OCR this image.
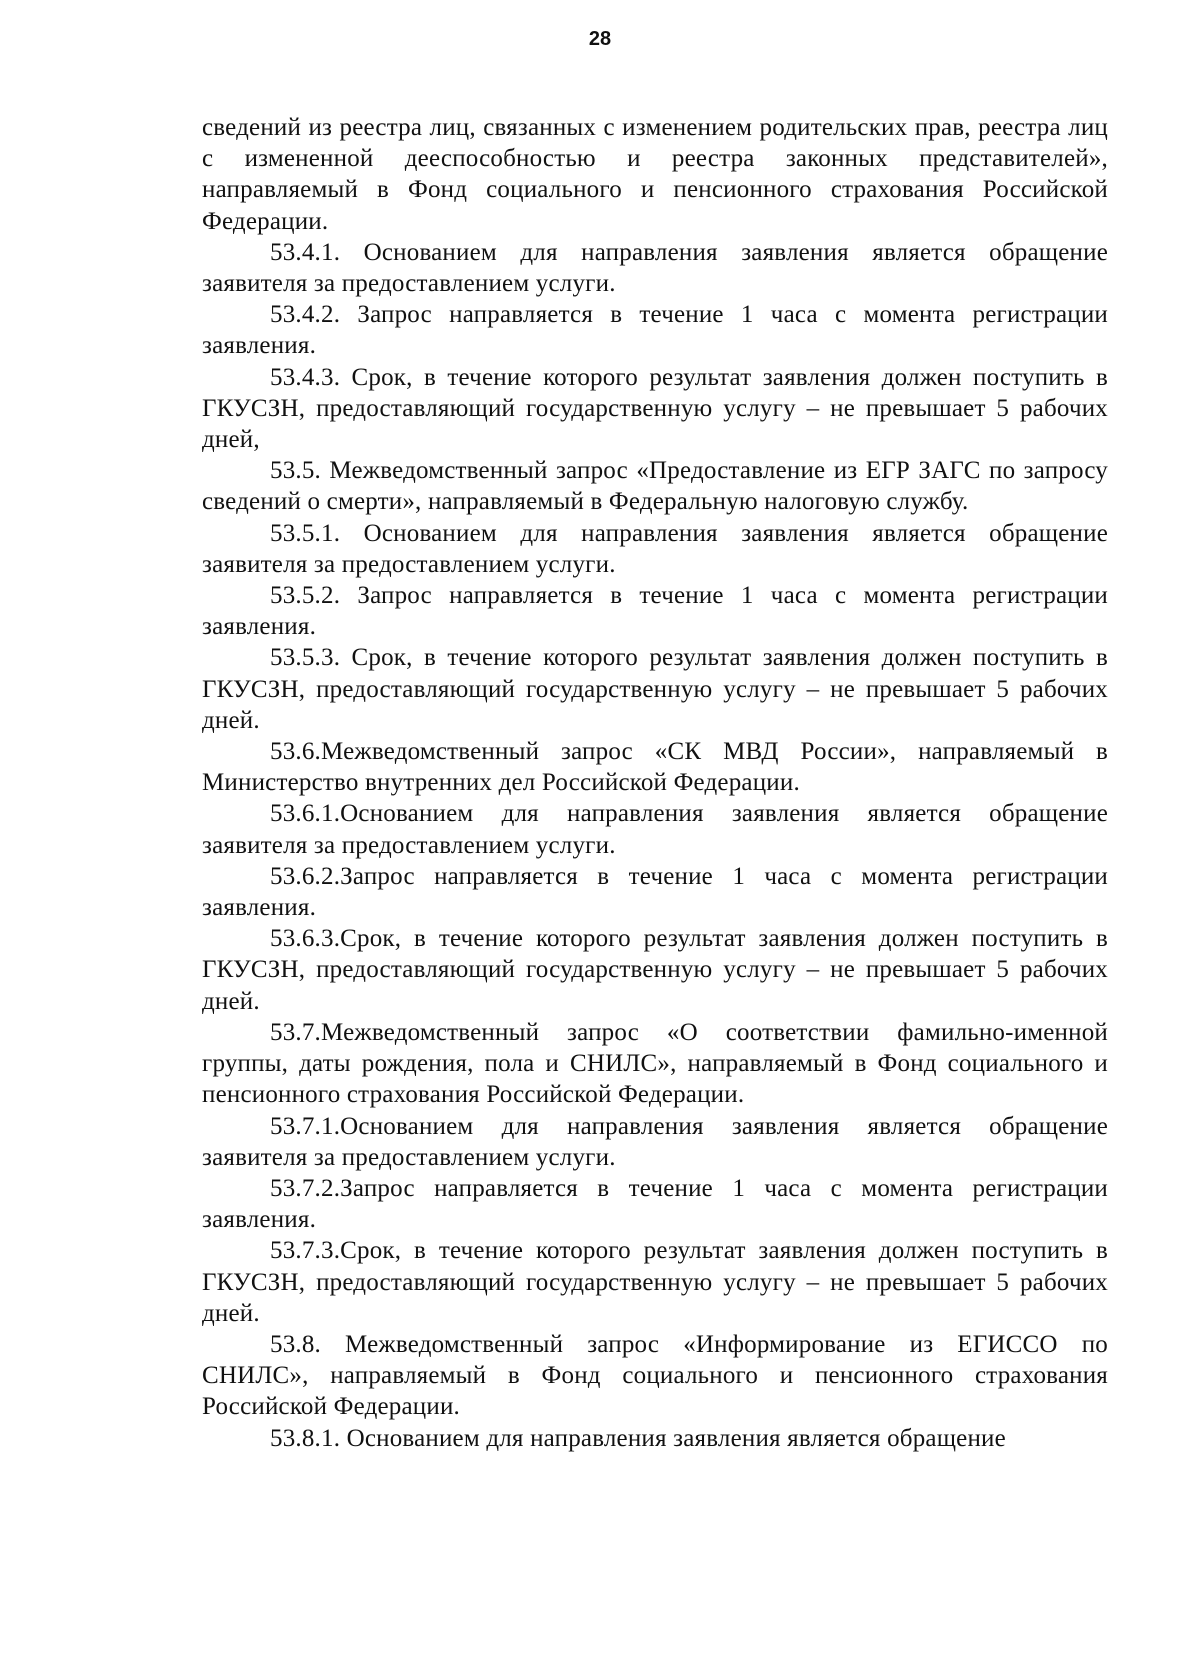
28

сведений из реестра лиц, связанных с изменением родительских прав, реестра лиц с измененной дееспособностью и реестра законных представителей», направляемый в Фонд социального и пенсионного страхования Российской Федерации.

53.4.1. Основанием для направления заявления является обращение заявителя за предоставлением услуги.

53.4.2. Запрос направляется в течение 1 часа с момента регистрации заявления.

53.4.3. Срок, в течение которого результат заявления должен поступить в ГКУСЗН, предоставляющий государственную услугу – не превышает 5 рабочих дней,

53.5. Межведомственный запрос «Предоставление из ЕГР ЗАГС по запросу сведений о смерти», направляемый в Федеральную налоговую службу.

53.5.1. Основанием для направления заявления является обращение заявителя за предоставлением услуги.

53.5.2. Запрос направляется в течение 1 часа с момента регистрации заявления.

53.5.3. Срок, в течение которого результат заявления должен поступить в ГКУСЗН, предоставляющий государственную услугу – не превышает 5 рабочих дней.

53.6.Межведомственный запрос «СК МВД России», направляемый в Министерство внутренних дел Российской Федерации.

53.6.1.Основанием для направления заявления является обращение заявителя за предоставлением услуги.

53.6.2.Запрос направляется в течение 1 часа с момента регистрации заявления.

53.6.3.Срок, в течение которого результат заявления должен поступить в ГКУСЗН, предоставляющий государственную услугу – не превышает 5 рабочих дней.

53.7.Межведомственный запрос «О соответствии фамильно-именной группы, даты рождения, пола и СНИЛС», направляемый в Фонд социального и пенсионного страхования Российской Федерации.

53.7.1.Основанием для направления заявления является обращение заявителя за предоставлением услуги.

53.7.2.Запрос направляется в течение 1 часа с момента регистрации заявления.

53.7.3.Срок, в течение которого результат заявления должен поступить в ГКУСЗН, предоставляющий государственную услугу – не превышает 5 рабочих дней.

53.8. Межведомственный запрос «Информирование из ЕГИССО по СНИЛС», направляемый в Фонд социального и пенсионного страхования Российской Федерации.

53.8.1. Основанием для направления заявления является обращение
